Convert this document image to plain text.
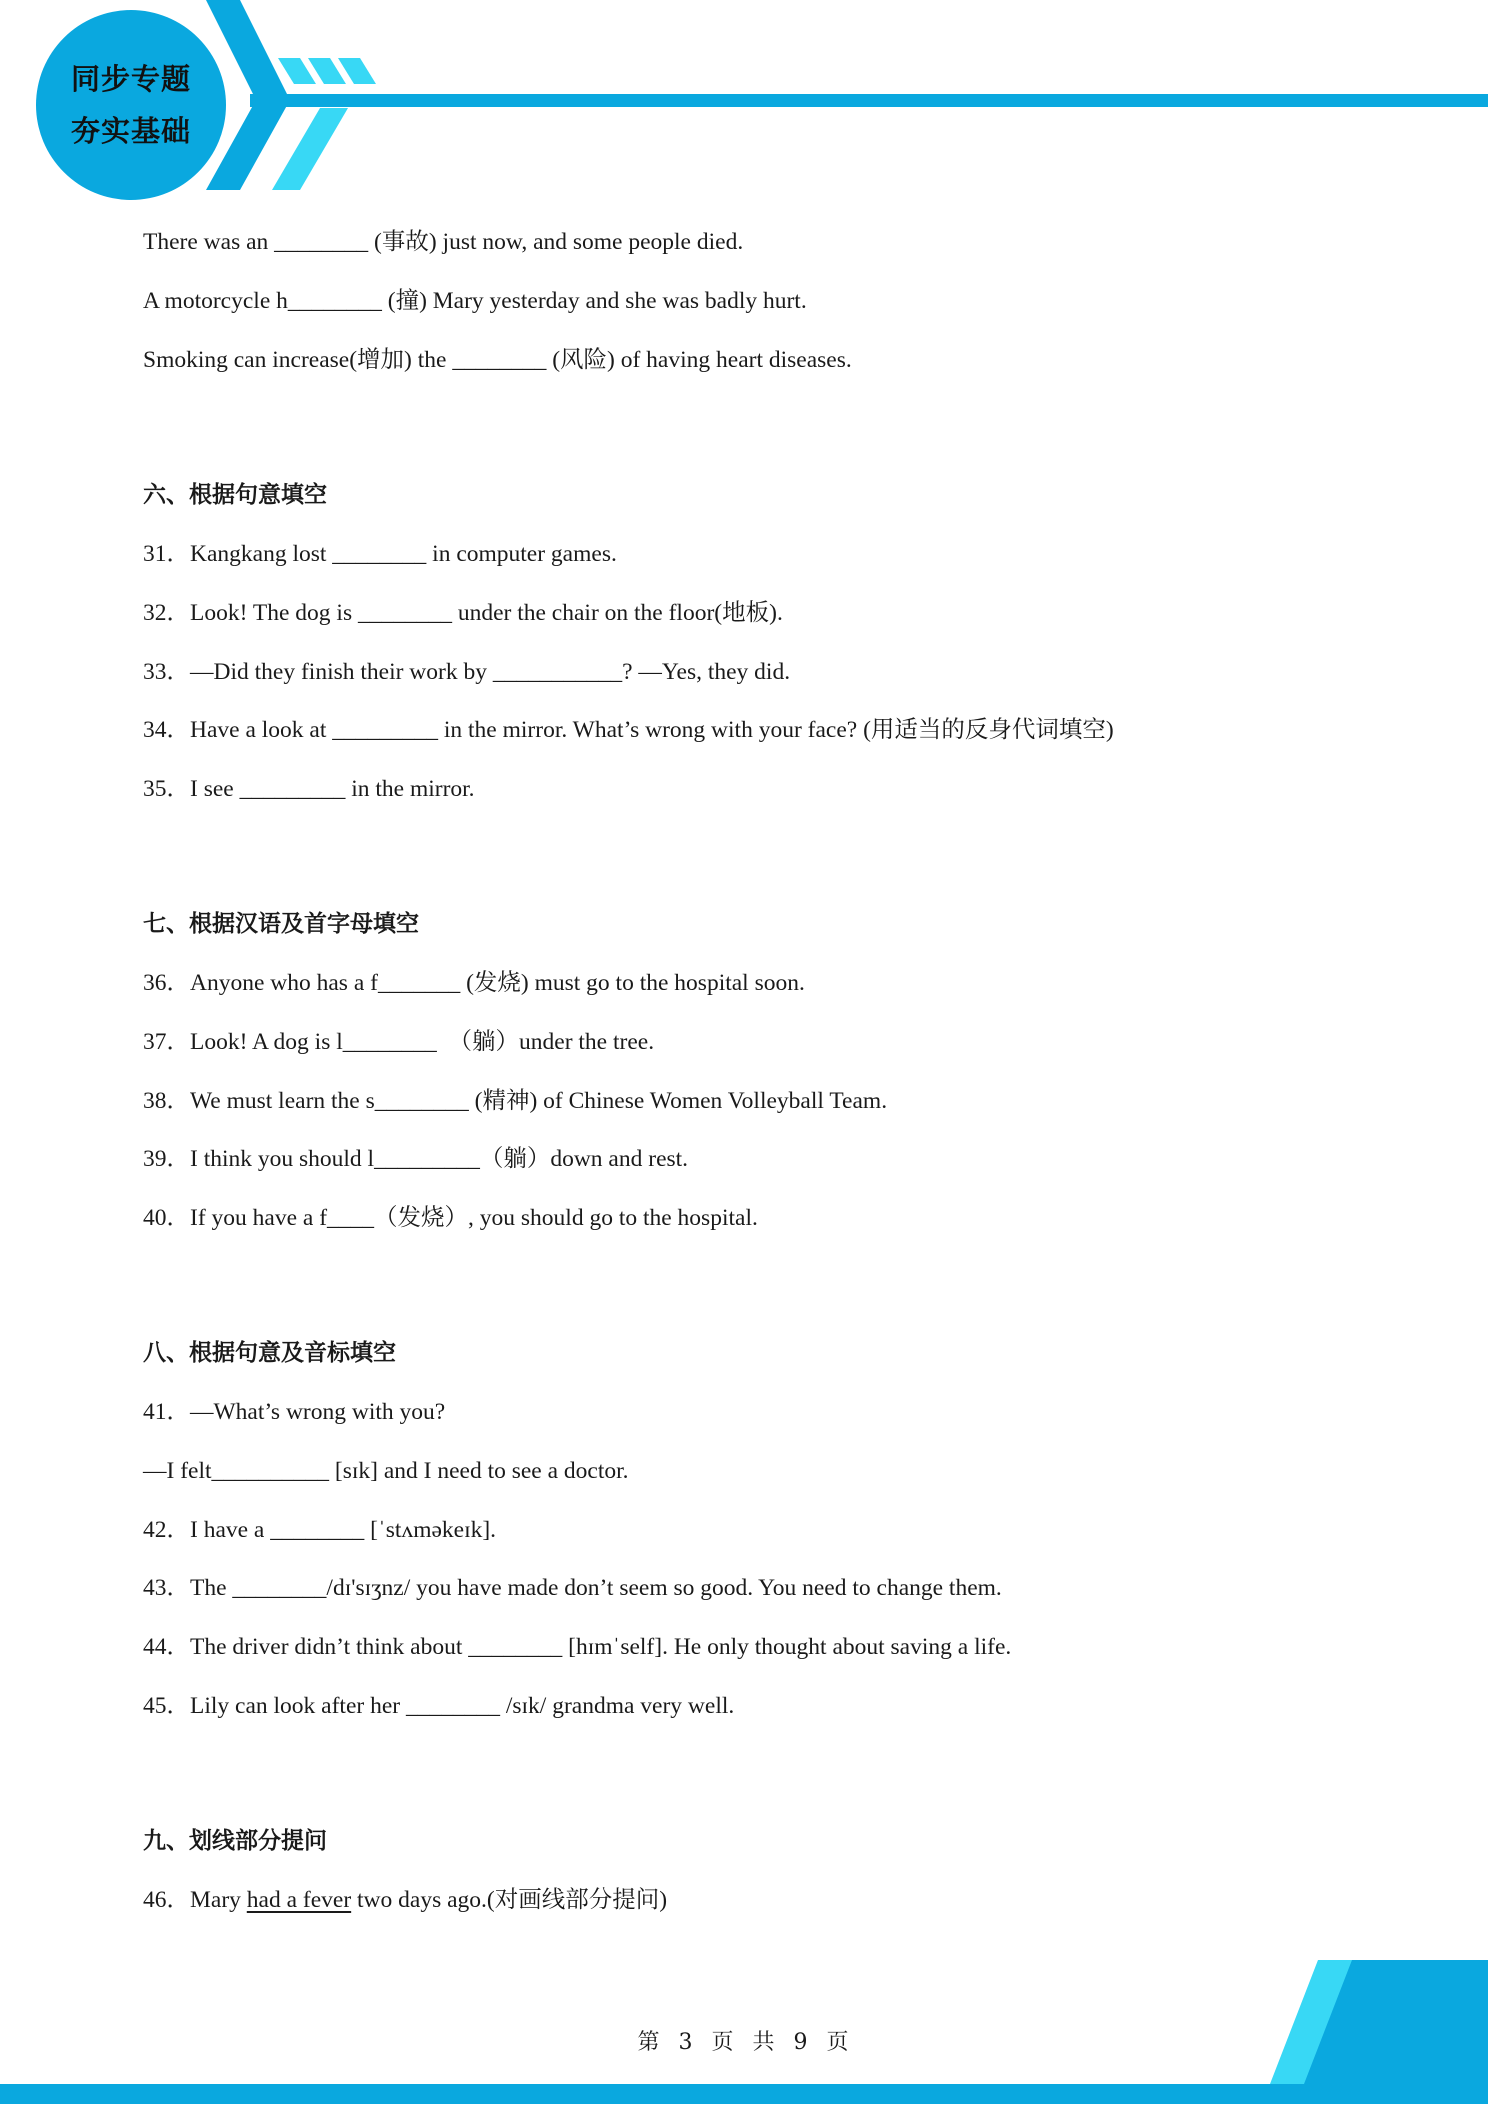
同步专题
夯实基础
There was an ________ (事故) just now, and some people died.
A motorcycle h________ (撞) Mary yesterday and she was badly hurt.
Smoking can increase(增加) the ________ (风险) of having heart diseases.
六、根据句意填空
31．Kangkang lost ________ in computer games.
32．Look! The dog is ________ under the chair on the floor(地板).
33．—Did they finish their work by ___________? —Yes, they did.
34．Have a look at _________ in the mirror. What’s wrong with your face? (用适当的反身代词填空)
35．I see _________ in the mirror.
七、根据汉语及首字母填空
36．Anyone who has a f_______ (发烧) must go to the hospital soon.
37．Look! A dog is l________  （躺）under the tree.
38．We must learn the s________ (精神) of Chinese Women Volleyball Team.
39．I think you should l_________（躺）down and rest.
40．If you have a f____（发烧）, you should go to the hospital.
八、根据句意及音标填空
41．—What’s wrong with you?
—I felt__________ [sɪk] and I need to see a doctor.
42．I have a ________ [ˈstʌməkeɪk].
43．The ________/dɪ'sɪʒnz/ you have made don’t seem so good. You need to change them.
44．The driver didn’t think about ________ [hɪmˈself]. He only thought about saving a life.
45．Lily can look after her ________ /sɪk/ grandma very well.
九、划线部分提问
46．Mary had a fever two days ago.(对画线部分提问)
第 3 页 共 9 页
